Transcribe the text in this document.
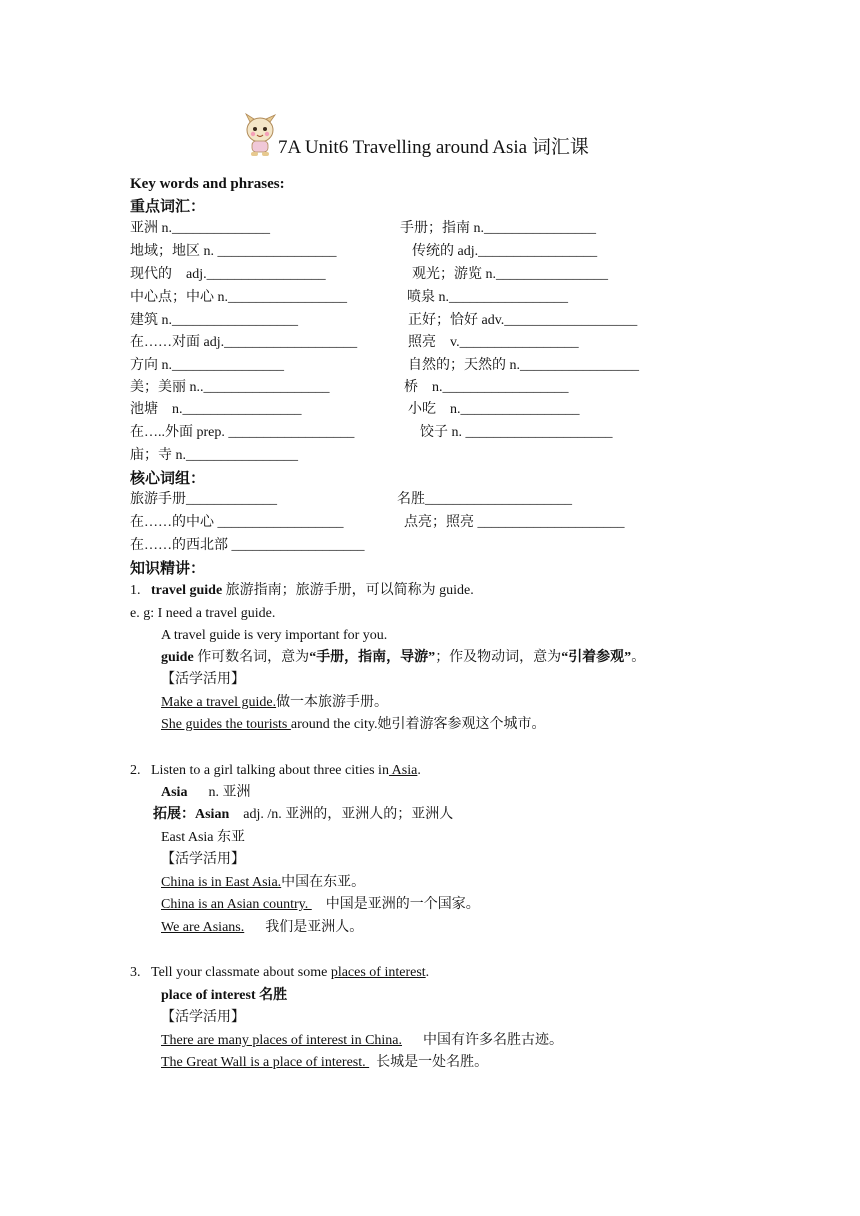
7A Unit6 Travelling around Asia 词汇课
Key words and phrases:
重点词汇：
亚洲 n.______________
地域；地区 n. _________________
现代的　adj._________________
中心点；中心 n._________________
建筑 n.__________________
在……对面 adj.___________________
方向 n.________________
美；美丽 n..__________________
池塘　n._________________
在…..外面 prep. __________________
庙；寺 n.________________
手册；指南 n.________________
传统的 adj._________________
观光；游览 n.________________
喷泉 n._________________
正好；恰好 adv.___________________
照亮　v._________________
自然的；天然的 n._________________
桥　n.__________________
小吃　n._________________
饺子 n. _____________________
核心词组：
旅游手册_____________	名胜_____________________
在……的中心 __________________	点亮；照亮 _____________________
在……的西北部 ___________________
知识精讲：
1. travel guide 旅游指南；旅游手册，可以简称为 guide.
e. g: I need a travel guide.
A travel guide is very important for you.
guide 作可数名词，意为“手册，指南，导游”；作及物动词，意为“引着参观”。
【活学活用】
Make a travel guide.做一本旅游手册。
She guides the tourists around the city.她引着游客参观这个城市。
2. Listen to a girl talking about three cities in Asia.
Asia n. 亚洲
拓展：Asian adj. /n. 亚洲的，亚洲人的；亚洲人
East Asia 东亚
【活学活用】
China is in East Asia.中国在东亚。
China is an Asian country.     中国是亚洲的一个国家。
We are Asians. 我们是亚洲人。
3. Tell your classmate about some places of interest.
place of interest 名胜
【活学活用】
There are many places of interest in China. 中国有许多名胜古迹。
The Great Wall is a place of interest.   长城是一处名胜。
